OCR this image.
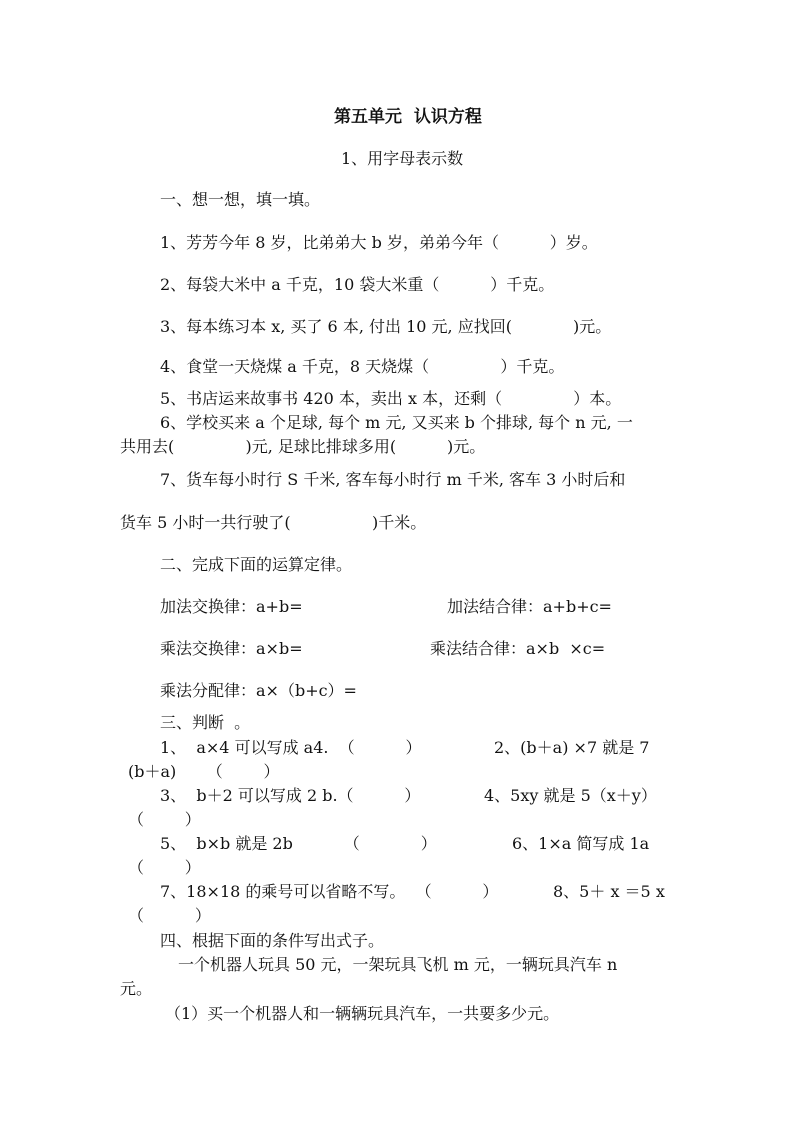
第五单元  认识方程
1、用字母表示数
一、想一想，填一填。
1、芳芳今年 8 岁，比弟弟大 b 岁，弟弟今年（          ）岁。
2、每袋大米中 a 千克，10 袋大米重（          ）千克。
3、每本练习本 x, 买了 6 本, 付出 10 元, 应找回(            )元。
4、食堂一天烧煤 a 千克，8 天烧煤（              ）千克。
5、书店运来故事书 420 本，卖出 x 本，还剩（              ）本。
6、学校买来 a 个足球, 每个 m 元, 又买来 b 个排球, 每个 n 元, 一
共用去(              )元, 足球比排球多用(          )元。
7、货车每小时行 S 千米, 客车每小时行 m 千米, 客车 3 小时后和
货车 5 小时一共行驶了(                )千米。
二、完成下面的运算定律。
加法交换律：a+b=	加法结合律：a+b+c=
乘法交换律：a×b=	乘法结合律：a×b  ×c=
乘法分配律：a×（b+c）=
三、判断  。
1、  a×4 可以写成 a4.  （          ）	2、(b＋a) ×7 就是 7
(b＋a)      （        ）
3、  b＋2 可以写成 2 b.（          ）	4、5xy 就是 5（x＋y）
（        ）
5、  b×b 就是 2b          （            ）	6、1×a 简写成 1a
（        ）
7、18×18 的乘号可以省略不写。  （          ）	8、5＋ x ＝5 x
（          ）
四、根据下面的条件写出式子。
一个机器人玩具 50 元，一架玩具飞机 m 元，一辆玩具汽车 n
元。
（1）买一个机器人和一辆辆玩具汽车，一共要多少元。
